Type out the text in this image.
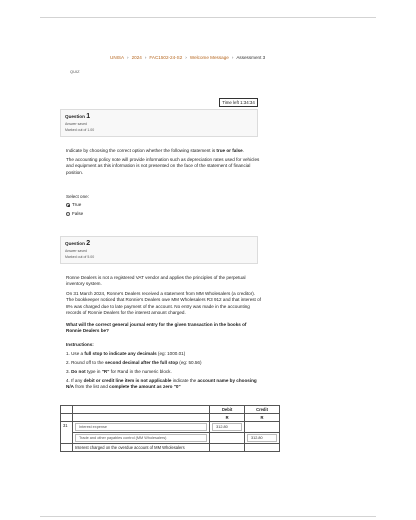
UNISA › 2024 › FAC1502-24-S2 › Welcome Message › Assessment 3
QUIZ
Time left 1:34:34
Question 1
Answer saved
Marked out of 1.00
Indicate by choosing the correct option whether the following statement is true or false.
The accounting policy note will provide information such as depreciation rates used for vehicles and equipment as this information is not presented on the face of the statement of financial position.
Select one:
True
False
Question 2
Answer saved
Marked out of 5.00
Ronne Dealers is not a registered VAT vendor and applies the principles of the perpetual inventory system.
On 31 March 2024, Ronne's Dealers received a statement from MM Wholesalers (a creditor). The bookkeeper noticed that Ronnie's Dealers owe MM Wholesalers R3 912 and that interest of 8% was charged due to late payment of the account. No entry was made in the accounting records of Ronnie Dealers for the interest amount charged.
What will the correct general journal entry for the given transaction in the books of Ronnie Dealers be?
Instructions:
1. Use a full stop to indicate any decimals (eg: 1000.01)
2. Round off to the second decimal after the full stop (eg: 50.56)
3. Do not type in "R" for Rand in the numeric block.
4. If any debit or credit line item is not applicable indicate the account name by choosing N/A from the list and complete the amount as zero "0"
		Debit	Credit
		R	R
31	Interest expense	312.80	

	Trade and other payables control (MM Wholesalers)		312.80

	Interest charged on the overdue account of MM Wholesalers		
